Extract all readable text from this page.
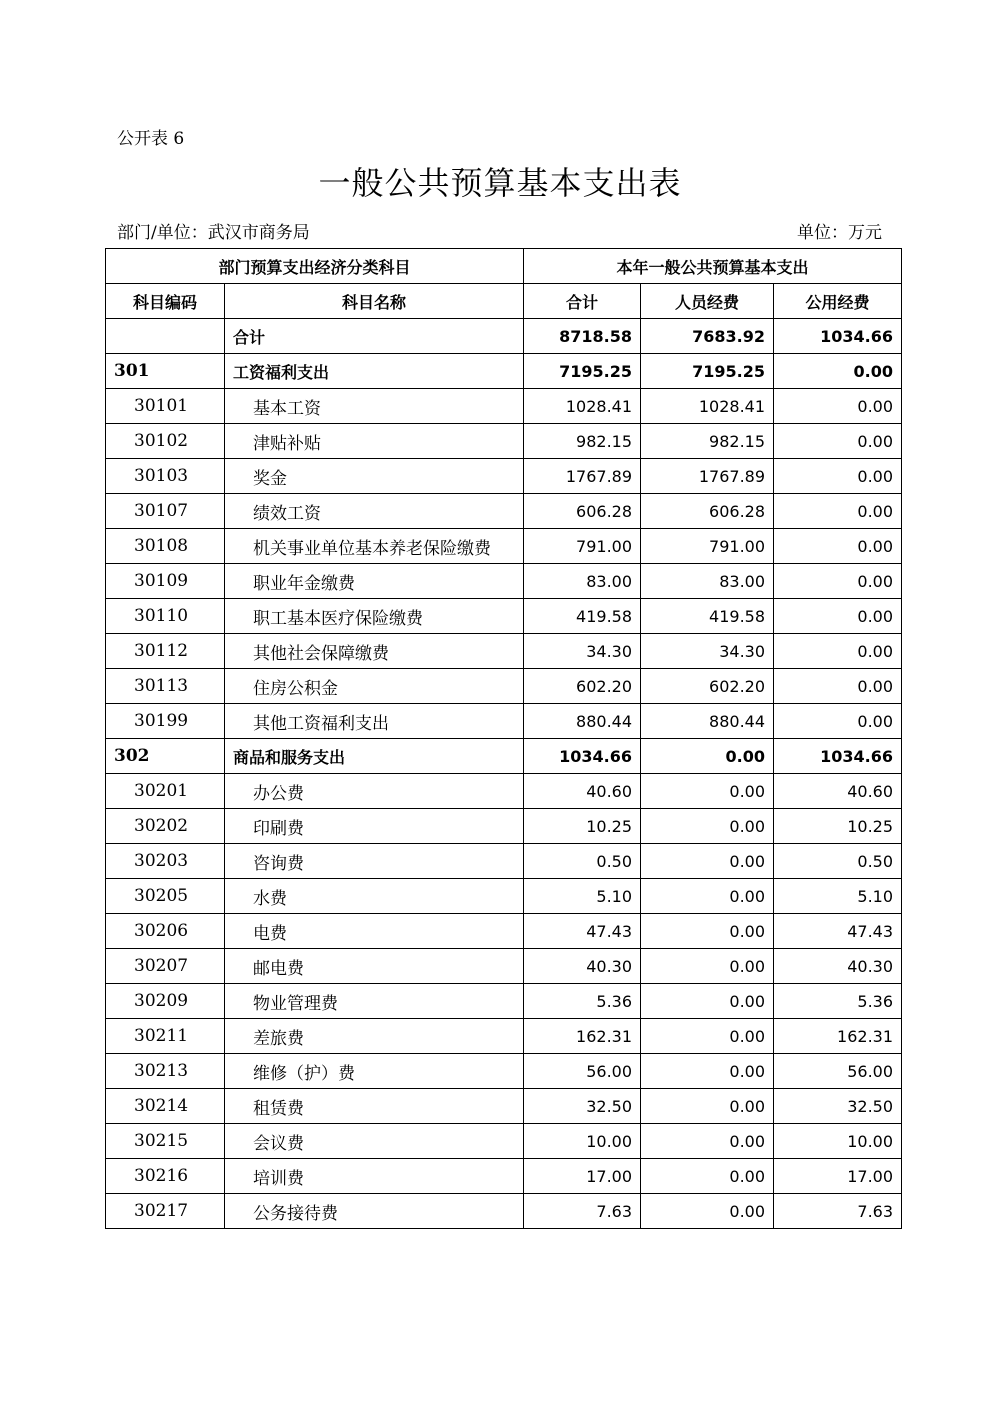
公开表 6
一般公共预算基本支出表
部门/单位：武汉市商务局	单位：万元
部门预算支出经济分类科目		本年一般公共预算基本支出		
科目编码	科目名称	合计	人员经费	公用经费
	合计	8718.58	7683.92	1034.66
301	工资福利支出	7195.25	7195.25	0.00
30101	基本工资	1028.41	1028.41	0.00
30102	津贴补贴	982.15	982.15	0.00
30103	奖金	1767.89	1767.89	0.00
30107	绩效工资	606.28	606.28	0.00
30108	机关事业单位基本养老保险缴费	791.00	791.00	0.00
30109	职业年金缴费	83.00	83.00	0.00
30110	职工基本医疗保险缴费	419.58	419.58	0.00
30112	其他社会保障缴费	34.30	34.30	0.00
30113	住房公积金	602.20	602.20	0.00
30199	其他工资福利支出	880.44	880.44	0.00
302	商品和服务支出	1034.66	0.00	1034.66
30201	办公费	40.60	0.00	40.60
30202	印刷费	10.25	0.00	10.25
30203	咨询费	0.50	0.00	0.50
30205	水费	5.10	0.00	5.10
30206	电费	47.43	0.00	47.43
30207	邮电费	40.30	0.00	40.30
30209	物业管理费	5.36	0.00	5.36
30211	差旅费	162.31	0.00	162.31
30213	维修（护）费	56.00	0.00	56.00
30214	租赁费	32.50	0.00	32.50
30215	会议费	10.00	0.00	10.00
30216	培训费	17.00	0.00	17.00
30217	公务接待费	7.63	0.00	7.63
